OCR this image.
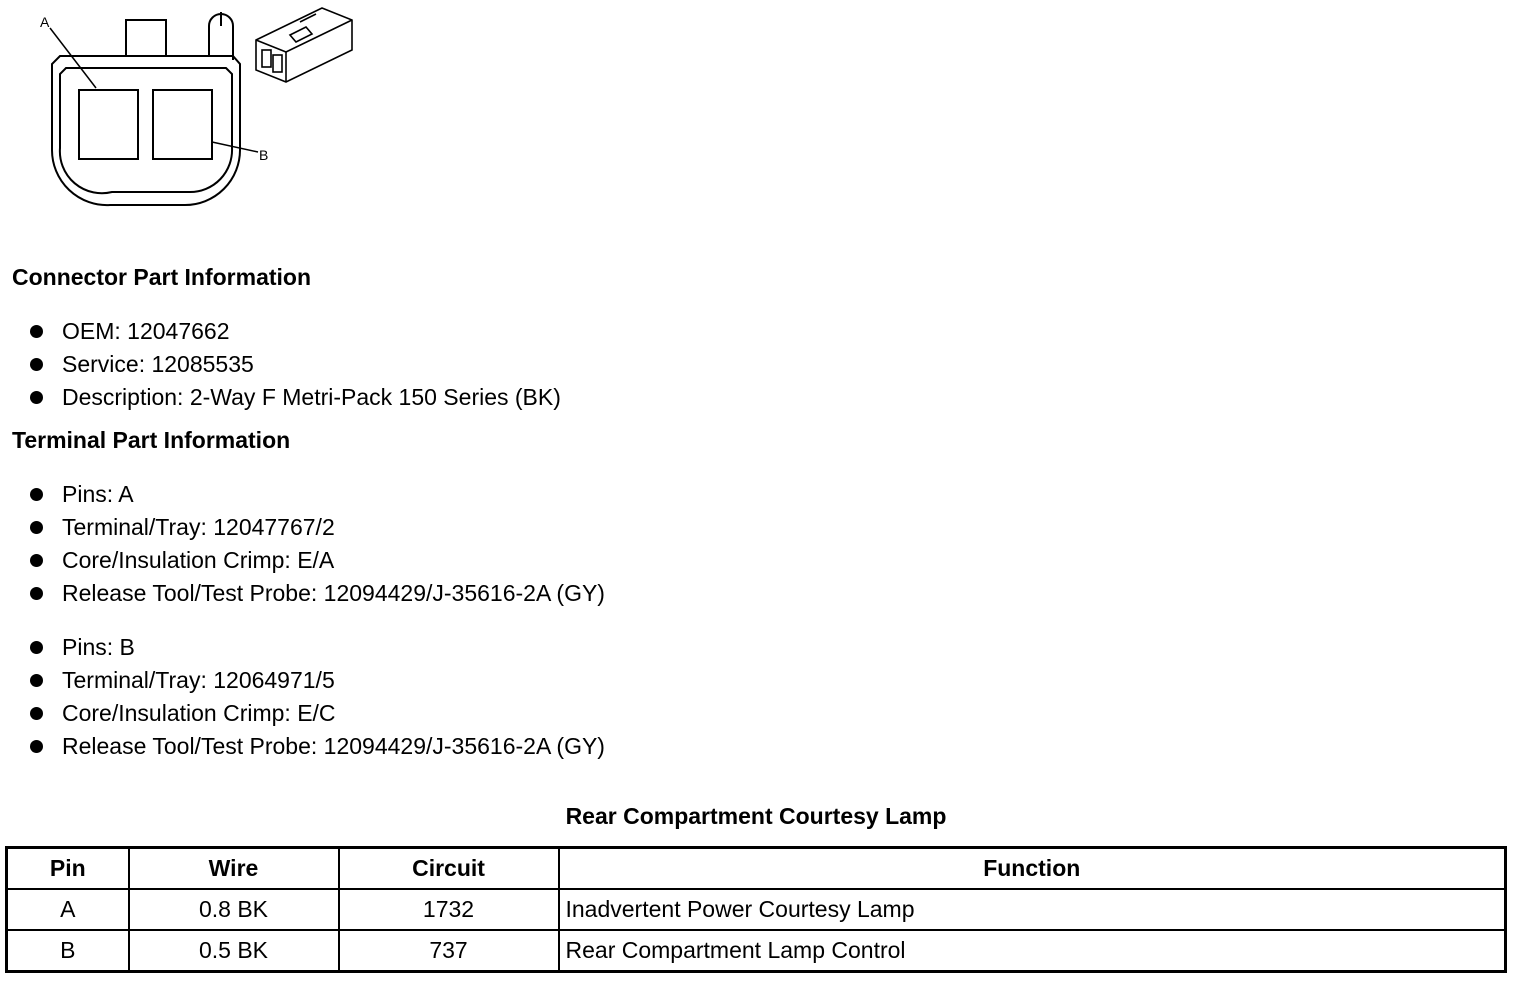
A
B
Connector Part Information
OEM: 12047662
Service: 12085535
Description: 2-Way F Metri-Pack 150 Series (BK)
Terminal Part Information
Pins: A
Terminal/Tray: 12047767/2
Core/Insulation Crimp: E/A
Release Tool/Test Probe: 12094429/J-35616-2A (GY)
Pins: B
Terminal/Tray: 12064971/5
Core/Insulation Crimp: E/C
Release Tool/Test Probe: 12094429/J-35616-2A (GY)
Rear Compartment Courtesy Lamp
Pin	Wire	Circuit	Function
A	0.8 BK	1732	Inadvertent Power Courtesy Lamp
B	0.5 BK	737	Rear Compartment Lamp Control
